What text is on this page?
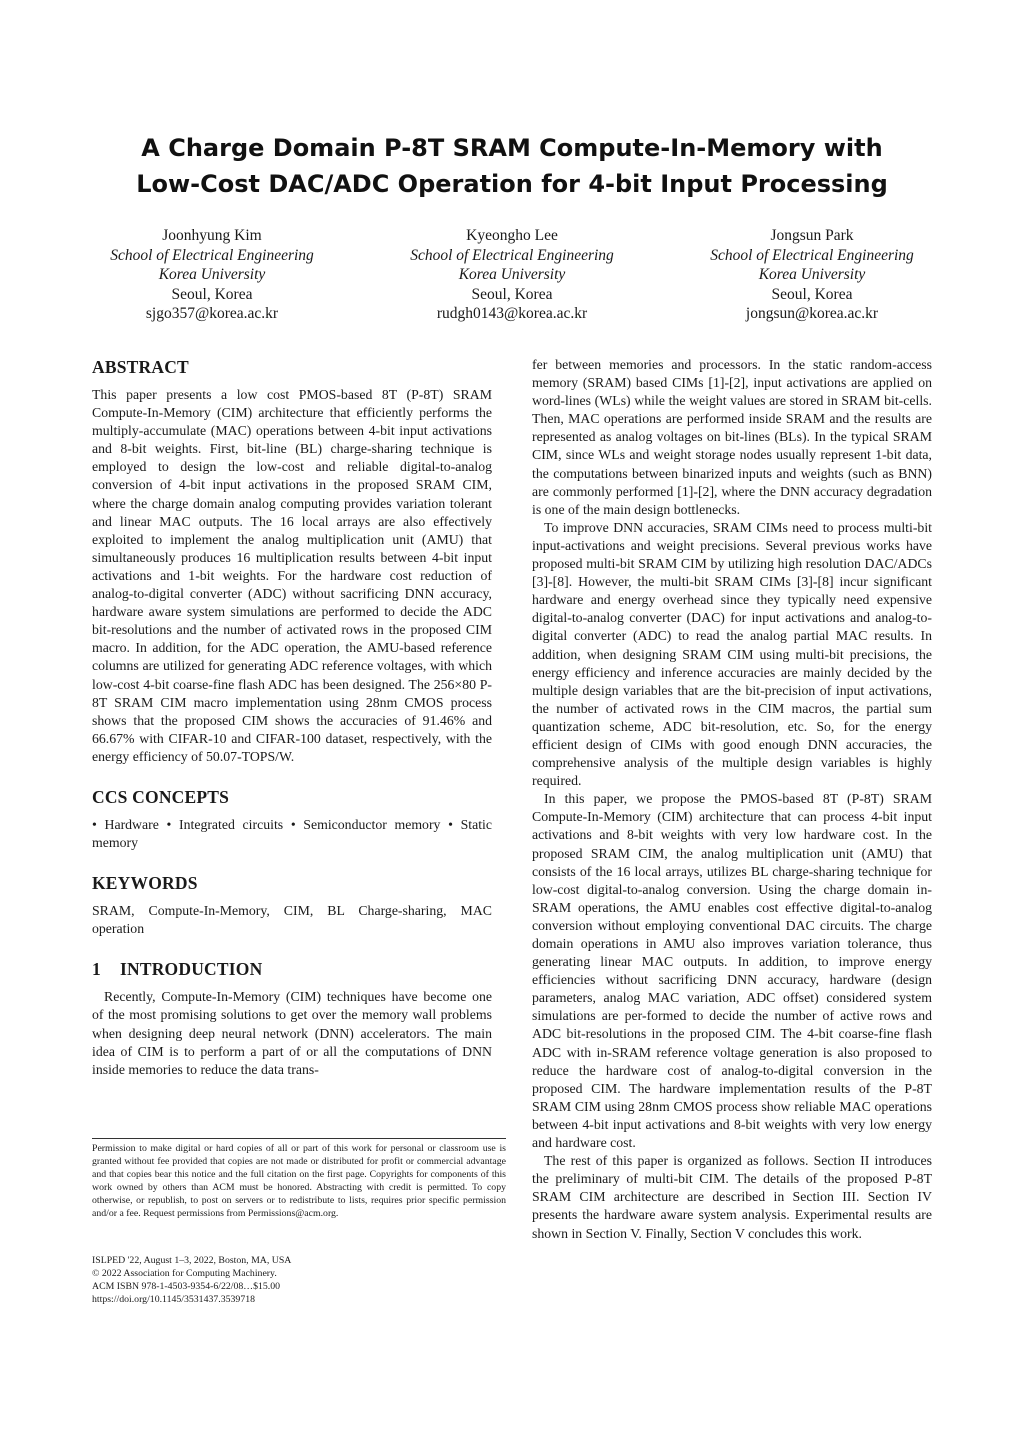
A Charge Domain P-8T SRAM Compute-In-Memory with
Low-Cost DAC/ADC Operation for 4-bit Input Processing
Joonhyung Kim
School of Electrical Engineering
Korea University
Seoul, Korea
sjgo357@korea.ac.kr
Kyeongho Lee
School of Electrical Engineering
Korea University
Seoul, Korea
rudgh0143@korea.ac.kr
Jongsun Park
School of Electrical Engineering
Korea University
Seoul, Korea
jongsun@korea.ac.kr
ABSTRACT

This paper presents a low cost PMOS-based 8T (P-8T) SRAM Compute-In-Memory (CIM) architecture that efficiently performs the multiply-accumulate (MAC) operations between 4-bit input activations and 8-bit weights. First, bit-line (BL) charge-sharing technique is employed to design the low-cost and reliable digital-to-analog conversion of 4-bit input activations in the proposed SRAM CIM, where the charge domain analog computing provides variation tolerant and linear MAC outputs. The 16 local arrays are also effectively exploited to implement the analog multiplication unit (AMU) that simultaneously produces 16 multiplication results between 4-bit input activations and 1-bit weights. For the hardware cost reduction of analog-to-digital converter (ADC) without sacrificing DNN accuracy, hardware aware system simulations are performed to decide the ADC bit-resolutions and the number of activated rows in the proposed CIM macro. In addition, for the ADC operation, the AMU-based reference columns are utilized for generating ADC reference voltages, with which low-cost 4-bit coarse-fine flash ADC has been designed. The 256×80 P-8T SRAM CIM macro implementation using 28nm CMOS process shows that the proposed CIM shows the accuracies of 91.46% and 66.67% with CIFAR-10 and CIFAR-100 dataset, respectively, with the energy efficiency of 50.07-TOPS/W.

CCS CONCEPTS

• Hardware • Integrated circuits • Semiconductor memory • Static memory

KEYWORDS

SRAM, Compute-In-Memory, CIM, BL Charge-sharing, MAC operation

1 INTRODUCTION

Recently, Compute-In-Memory (CIM) techniques have become one of the most promising solutions to get over the memory wall problems when designing deep neural network (DNN) accelerators. The main idea of CIM is to perform a part of or all the computations of DNN inside memories to reduce the data trans-

fer between memories and processors. In the static random-access memory (SRAM) based CIMs [1]-[2], input activations are applied on word-lines (WLs) while the weight values are stored in SRAM bit-cells. Then, MAC operations are performed inside SRAM and the results are represented as analog voltages on bit-lines (BLs). In the typical SRAM CIM, since WLs and weight storage nodes usually represent 1-bit data, the computations between binarized inputs and weights (such as BNN) are commonly performed [1]-[2], where the DNN accuracy degradation is one of the main design bottlenecks.

To improve DNN accuracies, SRAM CIMs need to process multi-bit input-activations and weight precisions. Several previous works have proposed multi-bit SRAM CIM by utilizing high resolution DAC/ADCs [3]-[8]. However, the multi-bit SRAM CIMs [3]-[8] incur significant hardware and energy overhead since they typically need expensive digital-to-analog converter (DAC) for input activations and analog-to-digital converter (ADC) to read the analog partial MAC results. In addition, when designing SRAM CIM using multi-bit precisions, the energy efficiency and inference accuracies are mainly decided by the multiple design variables that are the bit-precision of input activations, the number of activated rows in the CIM macros, the partial sum quantization scheme, ADC bit-resolution, etc. So, for the energy efficient design of CIMs with good enough DNN accuracies, the comprehensive analysis of the multiple design variables is highly required.

In this paper, we propose the PMOS-based 8T (P-8T) SRAM Compute-In-Memory (CIM) architecture that can process 4-bit input activations and 8-bit weights with very low hardware cost. In the proposed SRAM CIM, the analog multiplication unit (AMU) that consists of the 16 local arrays, utilizes BL charge-sharing technique for low-cost digital-to-analog conversion. Using the charge domain in-SRAM operations, the AMU enables cost effective digital-to-analog conversion without employing conventional DAC circuits. The charge domain operations in AMU also improves variation tolerance, thus generating linear MAC outputs. In addition, to improve energy efficiencies without sacrificing DNN accuracy, hardware (design parameters, analog MAC variation, ADC offset) considered system simulations are per-formed to decide the number of active rows and ADC bit-resolutions in the proposed CIM. The 4-bit coarse-fine flash ADC with in-SRAM reference voltage generation is also proposed to reduce the hardware cost of analog-to-digital conversion in the proposed CIM. The hardware implementation results of the P-8T SRAM CIM using 28nm CMOS process show reliable MAC operations between 4-bit input activations and 8-bit weights with very low energy and hardware cost.

The rest of this paper is organized as follows. Section II introduces the preliminary of multi-bit CIM. The details of the proposed P-8T SRAM CIM architecture are described in Section III. Section IV presents the hardware aware system analysis. Experimental results are shown in Section V. Finally, Section V concludes this work.

Permission to make digital or hard copies of all or part of this work for personal or classroom use is granted without fee provided that copies are not made or distributed for profit or commercial advantage and that copies bear this notice and the full citation on the first page. Copyrights for components of this work owned by others than ACM must be honored. Abstracting with credit is permitted. To copy otherwise, or republish, to post on servers or to redistribute to lists, requires prior specific permission and/or a fee. Request permissions from Permissions@acm.org.

ISLPED '22, August 1–3, 2022, Boston, MA, USA
© 2022 Association for Computing Machinery.
ACM ISBN 978-1-4503-9354-6/22/08…$15.00
https://doi.org/10.1145/3531437.3539718
